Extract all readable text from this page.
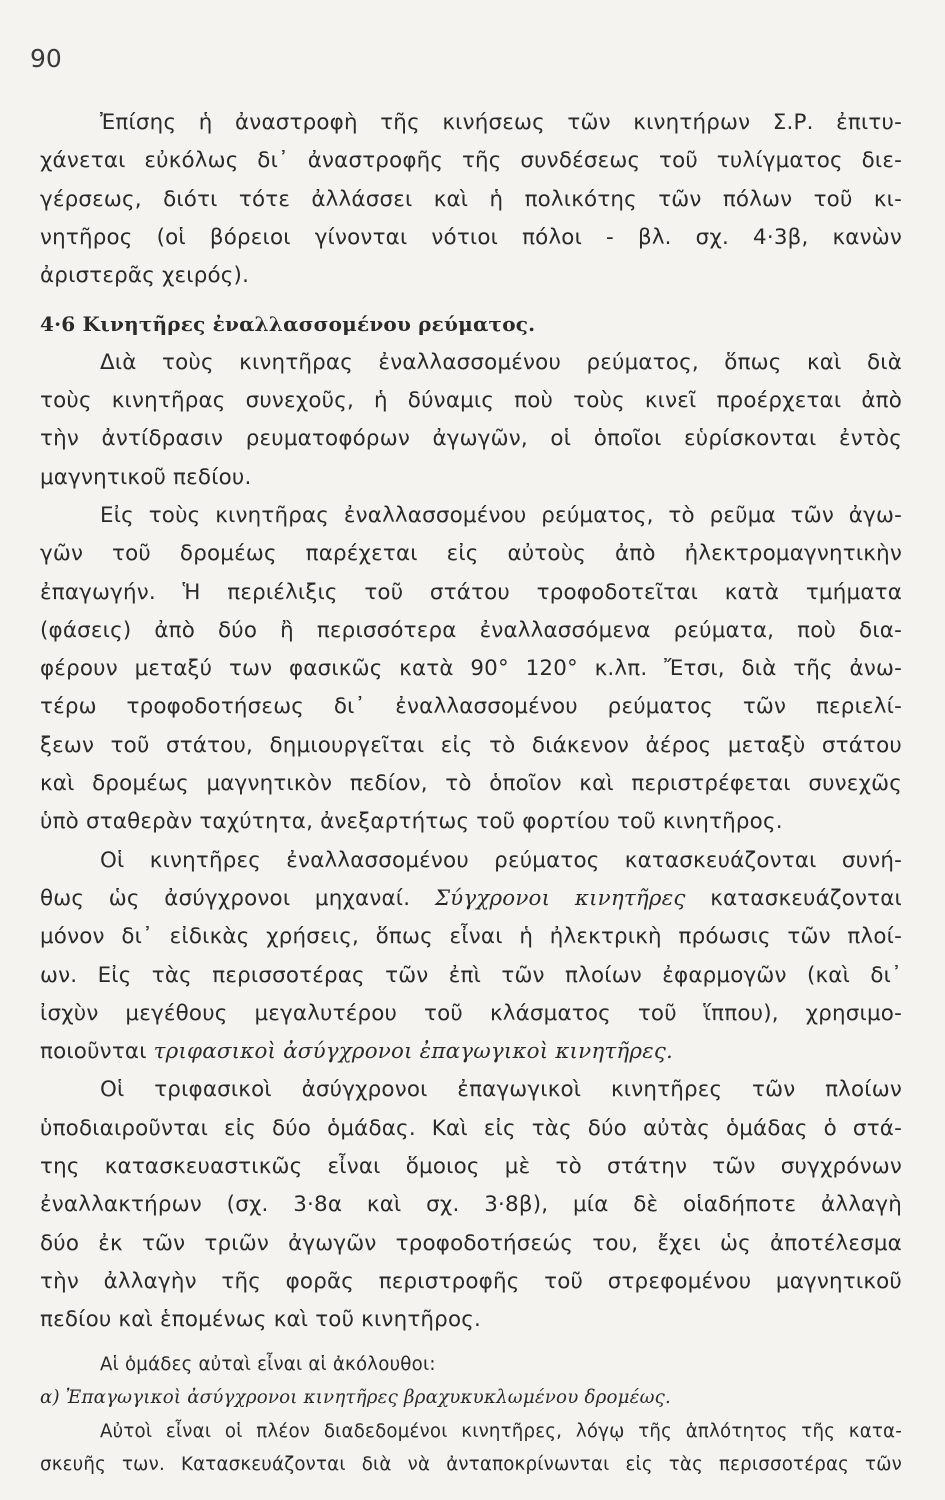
90
Ἐπίσης ἡ ἀναστροφὴ τῆς κινήσεως τῶν κινητήρων Σ.Ρ. ἐπιτυ-
χάνεται εὐκόλως δι᾽ ἀναστροφῆς τῆς συνδέσεως τοῦ τυλίγματος διε-
γέρσεως, διότι τότε ἀλλάσσει καὶ ἡ πολικότης τῶν πόλων τοῦ κι-
νητῆρος (οἱ βόρειοι γίνονται νότιοι πόλοι - βλ. σχ. 4·3β, κανὼν
ἀριστερᾶς χειρός).
4·6 Κινητῆρες ἐναλλασσομένου ρεύματος.
Διὰ τοὺς κινητῆρας ἐναλλασσομένου ρεύματος, ὅπως καὶ διὰ
τοὺς κινητῆρας συνεχοῦς, ἡ δύναμις ποὺ τοὺς κινεῖ προέρχεται ἀπὸ
τὴν ἀντίδρασιν ρευματοφόρων ἀγωγῶν, οἱ ὁποῖοι εὑρίσκονται ἐντὸς
μαγνητικοῦ πεδίου.
Εἰς τοὺς κινητῆρας ἐναλλασσομένου ρεύματος, τὸ ρεῦμα τῶν ἀγω-
γῶν τοῦ δρομέως παρέχεται εἰς αὐτοὺς ἀπὸ ἠλεκτρομαγνητικὴν
ἐπαγωγήν. Ἡ περιέλιξις τοῦ στάτου τροφοδοτεῖται κατὰ τμήματα
(φάσεις) ἀπὸ δύο ἢ περισσότερα ἐναλλασσόμενα ρεύματα, ποὺ δια-
φέρουν μεταξύ των φασικῶς κατὰ 90° 120° κ.λπ. Ἔτσι, διὰ τῆς ἀνω-
τέρω τροφοδοτήσεως δι᾽ ἐναλλασσομένου ρεύματος τῶν περιελί-
ξεων τοῦ στάτου, δημιουργεῖται εἰς τὸ διάκενον ἀέρος μεταξὺ στάτου
καὶ δρομέως μαγνητικὸν πεδίον, τὸ ὁποῖον καὶ περιστρέφεται συνεχῶς
ὑπὸ σταθερὰν ταχύτητα, ἀνεξαρτήτως τοῦ φορτίου τοῦ κινητῆρος.
Οἱ κινητῆρες ἐναλλασσομένου ρεύματος κατασκευάζονται συνή-
θως ὡς ἀσύγχρονοι μηχαναί. Σύγχρονοι κινητῆρες κατασκευάζονται
μόνον δι᾽ εἰδικὰς χρήσεις, ὅπως εἶναι ἡ ἠλεκτρικὴ πρόωσις τῶν πλοί-
ων. Εἰς τὰς περισσοτέρας τῶν ἐπὶ τῶν πλοίων ἐφαρμογῶν (καὶ δι᾽
ἰσχὺν μεγέθους μεγαλυτέρου τοῦ κλάσματος τοῦ ἵππου), χρησιμο-
ποιοῦνται τριφασικοὶ ἀσύγχρονοι ἐπαγωγικοὶ κινητῆρες.
Οἱ τριφασικοὶ ἀσύγχρονοι ἐπαγωγικοὶ κινητῆρες τῶν πλοίων
ὑποδιαιροῦνται εἰς δύο ὁμάδας. Καὶ εἰς τὰς δύο αὐτὰς ὁμάδας ὁ στά-
της κατασκευαστικῶς εἶναι ὅμοιος μὲ τὸ στάτην τῶν συγχρόνων
ἐναλλακτήρων (σχ. 3·8α καὶ σχ. 3·8β), μία δὲ οἱαδήποτε ἀλλαγὴ
δύο ἐκ τῶν τριῶν ἀγωγῶν τροφοδοτήσεώς του, ἔχει ὡς ἀποτέλεσμα
τὴν ἀλλαγὴν τῆς φορᾶς περιστροφῆς τοῦ στρεφομένου μαγνητικοῦ
πεδίου καὶ ἑπομένως καὶ τοῦ κινητῆρος.
Αἱ ὁμάδες αὐταὶ εἶναι αἱ ἀκόλουθοι:
α) Ἐπαγωγικοὶ ἀσύγχρονοι κινητῆρες βραχυκυκλωμένου δρομέως.
Αὐτοὶ εἶναι οἱ πλέον διαδεδομένοι κινητῆρες, λόγῳ τῆς ἁπλότητος τῆς κατα-
σκευῆς των. Κατασκευάζονται διὰ νὰ ἀνταποκρίνωνται εἰς τὰς περισσοτέρας τῶν
